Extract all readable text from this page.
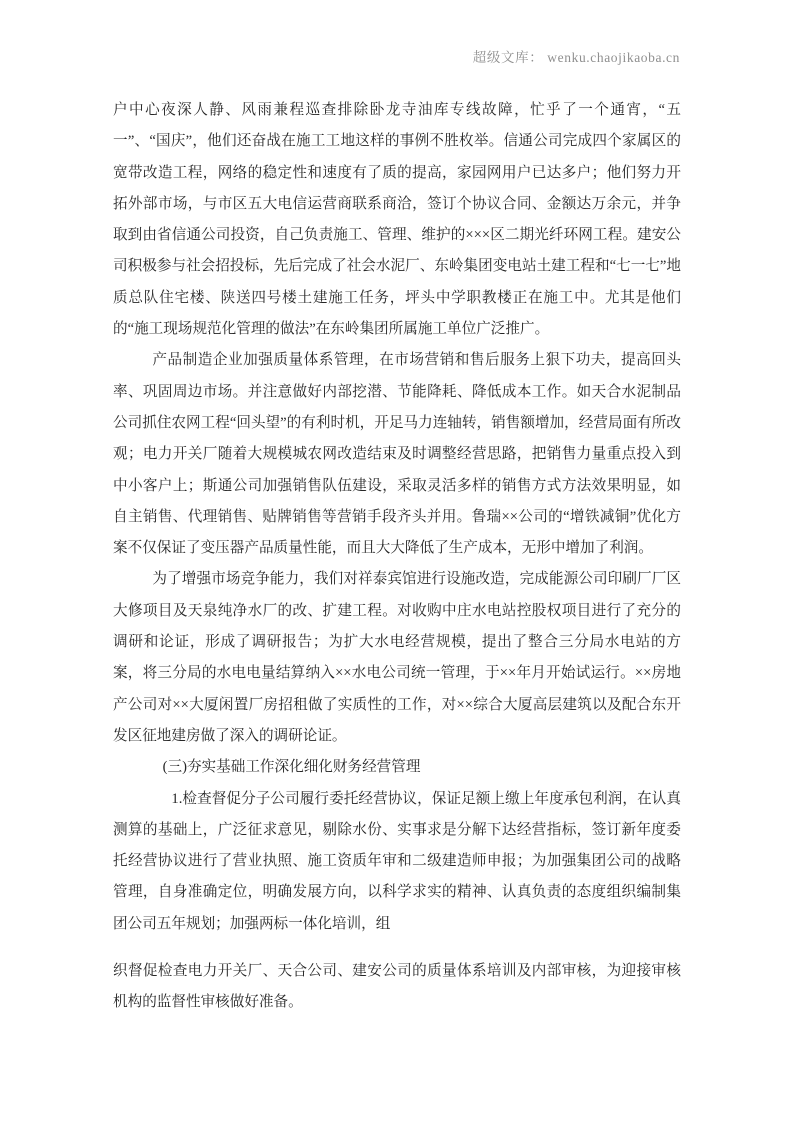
超级文库： wenku.chaojikaoba.cn

户中心夜深人静、风雨兼程巡查排除卧龙寺油库专线故障，忙乎了一个通宵，“五一”、“国庆”，他们还奋战在施工工地这样的事例不胜枚举。信通公司完成四个家属区的宽带改造工程，网络的稳定性和速度有了质的提高，家园网用户已达多户；他们努力开拓外部市场，与市区五大电信运营商联系商洽，签订个协议合同、金额达万余元，并争取到由省信通公司投资，自己负责施工、管理、维护的×××区二期光纤环网工程。建安公司积极参与社会招投标，先后完成了社会水泥厂、东岭集团变电站土建工程和“七一七”地质总队住宅楼、陕送四号楼土建施工任务，坪头中学职教楼正在施工中。尤其是他们的“施工现场规范化管理的做法”在东岭集团所属施工单位广泛推广。

产品制造企业加强质量体系管理，在市场营销和售后服务上狠下功夫，提高回头率、巩固周边市场。并注意做好内部挖潜、节能降耗、降低成本工作。如天合水泥制品公司抓住农网工程“回头望”的有利时机，开足马力连轴转，销售额增加，经营局面有所改观；电力开关厂随着大规模城农网改造结束及时调整经营思路，把销售力量重点投入到中小客户上；斯通公司加强销售队伍建设，采取灵活多样的销售方式方法效果明显，如自主销售、代理销售、贴牌销售等营销手段齐头并用。鲁瑞××公司的“增铁减铜”优化方案不仅保证了变压器产品质量性能，而且大大降低了生产成本，无形中增加了利润。

为了增强市场竞争能力，我们对祥泰宾馆进行设施改造，完成能源公司印刷厂厂区大修项目及天泉纯净水厂的改、扩建工程。对收购中庄水电站控股权项目进行了充分的调研和论证，形成了调研报告；为扩大水电经营规模，提出了整合三分局水电站的方案，将三分局的水电电量结算纳入××水电公司统一管理，于××年月开始试运行。××房地产公司对××大厦闲置厂房招租做了实质性的工作，对××综合大厦高层建筑以及配合东开发区征地建房做了深入的调研论证。

(三)夯实基础工作深化细化财务经营管理

1.检查督促分子公司履行委托经营协议，保证足额上缴上年度承包利润，在认真测算的基础上，广泛征求意见，剔除水份、实事求是分解下达经营指标，签订新年度委托经营协议进行了营业执照、施工资质年审和二级建造师申报；为加强集团公司的战略管理，自身准确定位，明确发展方向，以科学求实的精神、认真负责的态度组织编制集团公司五年规划；加强两标一体化培训，组

织督促检查电力开关厂、天合公司、建安公司的质量体系培训及内部审核，为迎接审核机构的监督性审核做好准备。
